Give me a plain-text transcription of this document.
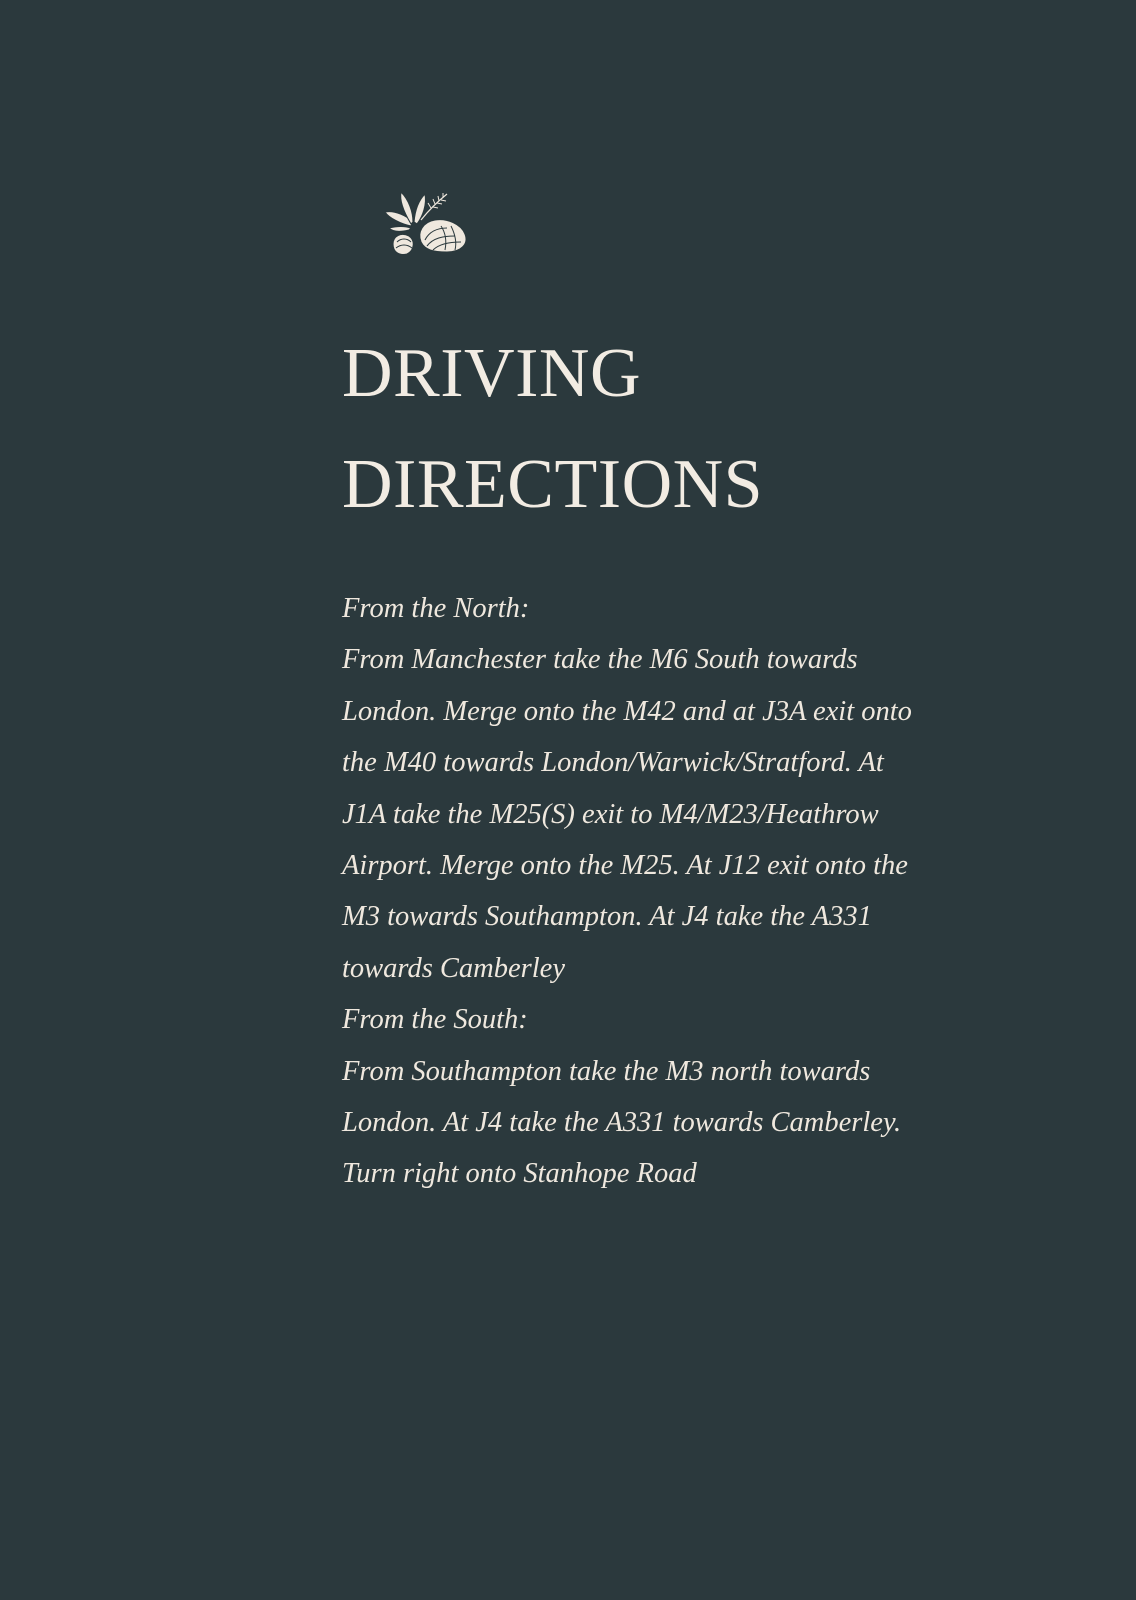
DRIVING
DIRECTIONS

From the North:

From Manchester take the M6 South towards

London. Merge onto the M42 and at J3A exit onto

the M40 towards London/Warwick/Stratford. At

J1A take the M25(S) exit to M4/M23/Heathrow

Airport. Merge onto the M25. At J12 exit onto the

M3 towards Southampton. At J4 take the A331

towards Camberley

From the South:

From Southampton take the M3 north towards

London. At J4 take the A331 towards Camberley.

Turn right onto Stanhope Road
